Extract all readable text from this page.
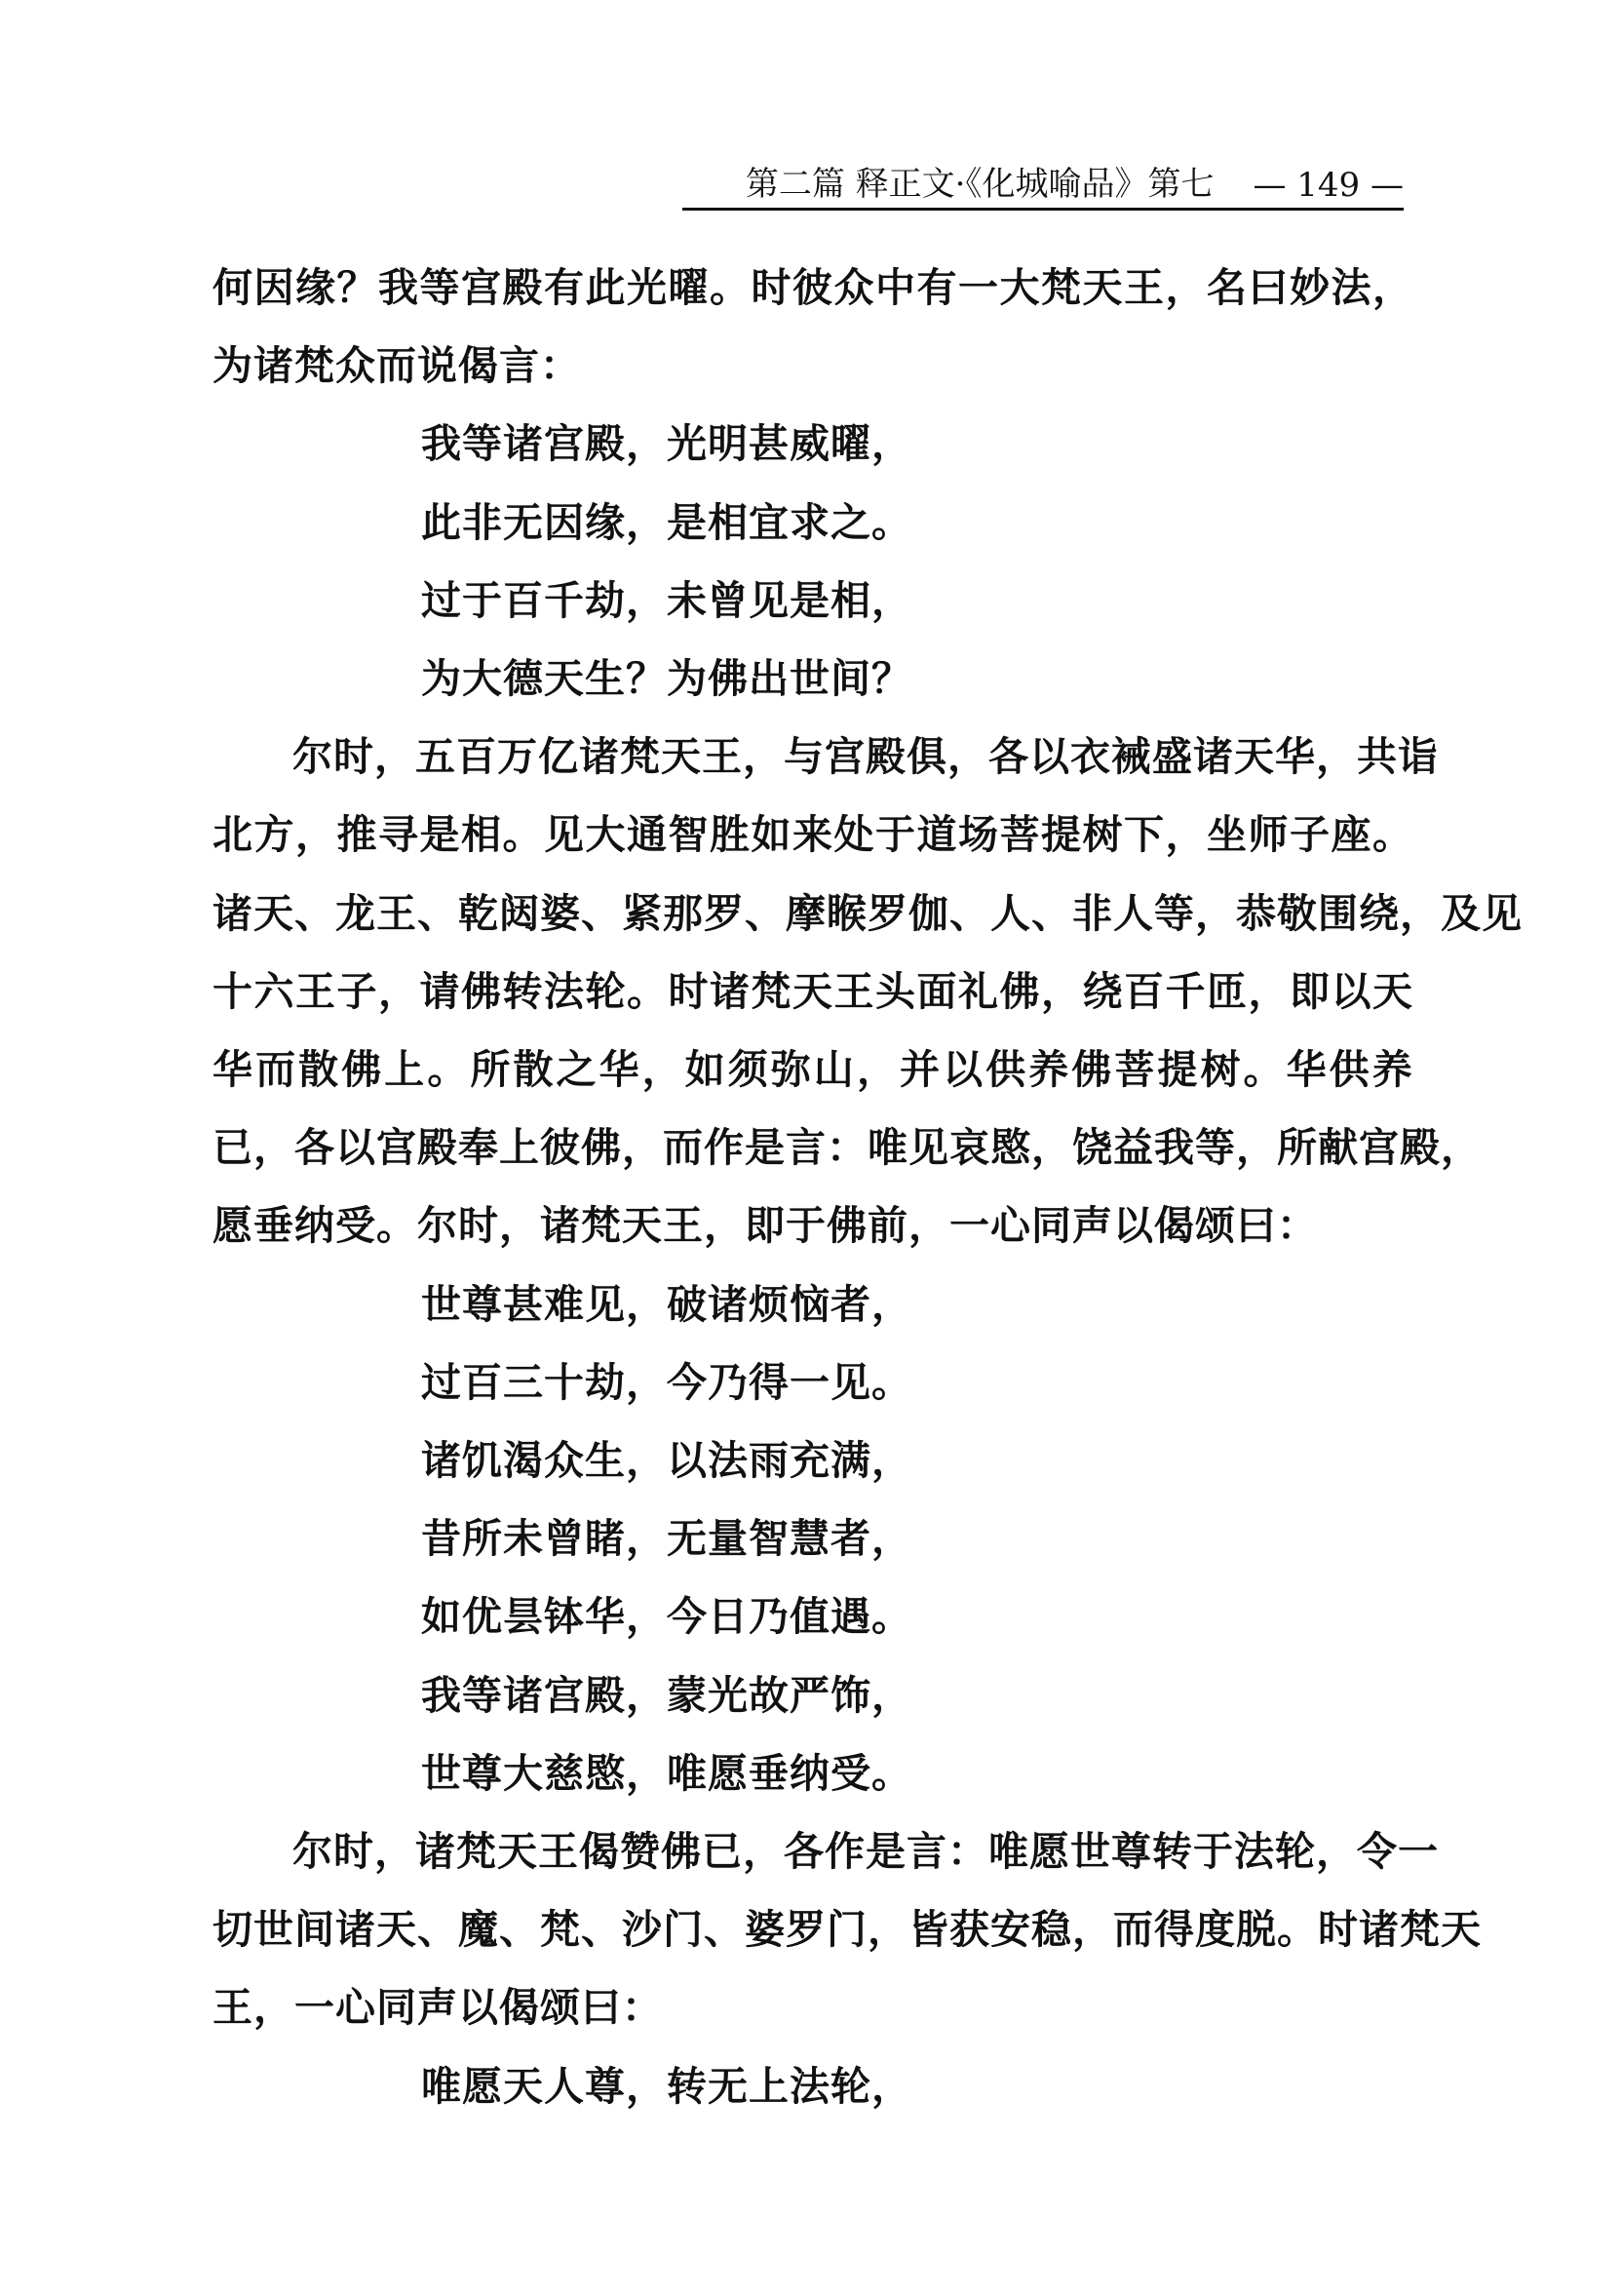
第二篇 释正文·《化城喻品》第七 — 149 —
何 因 缘 ？ 我 等 宫 殿 有 此 光 曜 。 时 彼 众 中 有 一 大 梵 天 王 ， 名 曰 妙 法 ，
为诸梵众而说偈言：
我等诸宫殿，光明甚威曜，
此非无因缘，是相宜求之。
过于百千劫，未曾见是相，
为大德天生？为佛出世间？
尔时，五百万亿诸梵天王，与宫殿俱，各以衣裓盛诸天华，共诣
北 方 ， 推 寻 是 相 。 见 大 通 智 胜 如 来 处 于 道 场 菩 提 树 下 ， 坐 师 子 座 。
诸 天 、 龙 王 、 乾 闼 婆 、 紧 那 罗 、 摩 睺 罗 伽 、 人 、 非 人 等 ， 恭 敬 围 绕 ， 及 见
十 六 王 子 ， 请 佛 转 法 轮 。 时 诸 梵 天 王 头 面 礼 佛 ， 绕 百 千 匝 ， 即 以 天
华 而 散 佛 上 。 所 散 之 华 ， 如 须 弥 山 ， 并 以 供 养 佛 菩 提 树 。 华 供 养
已 ， 各 以 宫 殿 奉 上 彼 佛 ， 而 作 是 言 ： 唯 见 哀 愍 ， 饶 益 我 等 ， 所 献 宫 殿 ，
愿垂纳受。尔时，诸梵天王，即于佛前，一心同声以偈颂曰：
世尊甚难见，破诸烦恼者，
过百三十劫，今乃得一见。
诸饥渴众生，以法雨充满，
昔所未曾睹，无量智慧者，
如优昙钵华，今日乃值遇。
我等诸宫殿，蒙光故严饰，
世尊大慈愍，唯愿垂纳受。
尔时，诸梵天王偈赞佛已，各作是言：唯愿世尊转于法轮，令一
切 世 间 诸 天 、 魔 、 梵 、 沙 门 、 婆 罗 门 ， 皆 获 安 稳 ， 而 得 度 脱 。 时 诸 梵 天
王，一心同声以偈颂曰：
唯愿天人尊，转无上法轮，
